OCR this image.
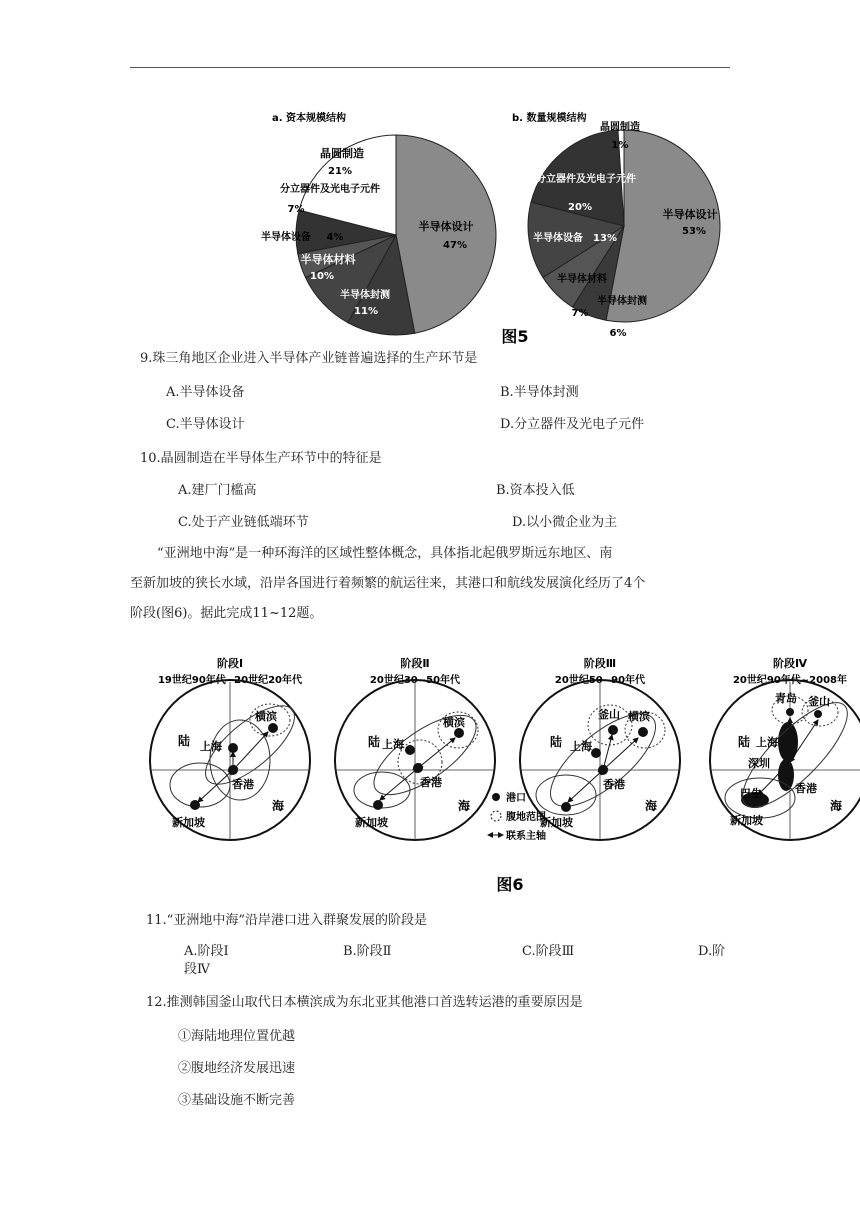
a. 资本规模结构	b. 数量规模结构
半导体设计
47%
晶圆制造
21%
分立器件及光电子元件
7%
半导体设备 4%
半导体材料
10%
半导体封测
11%
半导体设计
53%
晶圆制造
1%
分立器件及光电子元件
20%
半导体设备 13%
半导体材料
7%
半导体封测
6%
图5
9.珠三角地区企业进入半导体产业链普遍选择的生产环节是
A.半导体设备	B.半导体封测
C.半导体设计	D.分立器件及光电子元件
10.晶圆制造在半导体生产环节中的特征是
A.建厂门槛高	B.资本投入低
C.处于产业链低端环节	D.以小微企业为主
“亚洲地中海”是一种环海洋的区域性整体概念，具体指北起俄罗斯远东地区、南
至新加坡的狭长水域，沿岸各国进行着频繁的航运往来，其港口和航线发展演化经历了4个
阶段(图6)。据此完成11~12题。
阶段Ⅰ
19世纪90年代~20世纪20年代
阶段Ⅱ
20世纪30~50年代
阶段Ⅲ
20世纪50~90年代
阶段Ⅳ
20世纪90年代~2008年
横滨
上海
香港
新加坡
陆
海
横滨
上海
香港
新加坡
陆
海
港口
腹地范围
联系主轴
釜山 横滨
上海
香港
新加坡
陆
海
青岛 釜山
上海
深圳
香港
巴生
新加坡
陆
海
图6
11.“亚洲地中海”沿岸港口进入群聚发展的阶段是
A.阶段Ⅰ	B.阶段Ⅱ	C.阶段Ⅲ	D.阶
段Ⅳ
12.推测韩国釜山取代日本横滨成为东北亚其他港口首选转运港的重要原因是
①海陆地理位置优越
②腹地经济发展迅速
③基础设施不断完善
